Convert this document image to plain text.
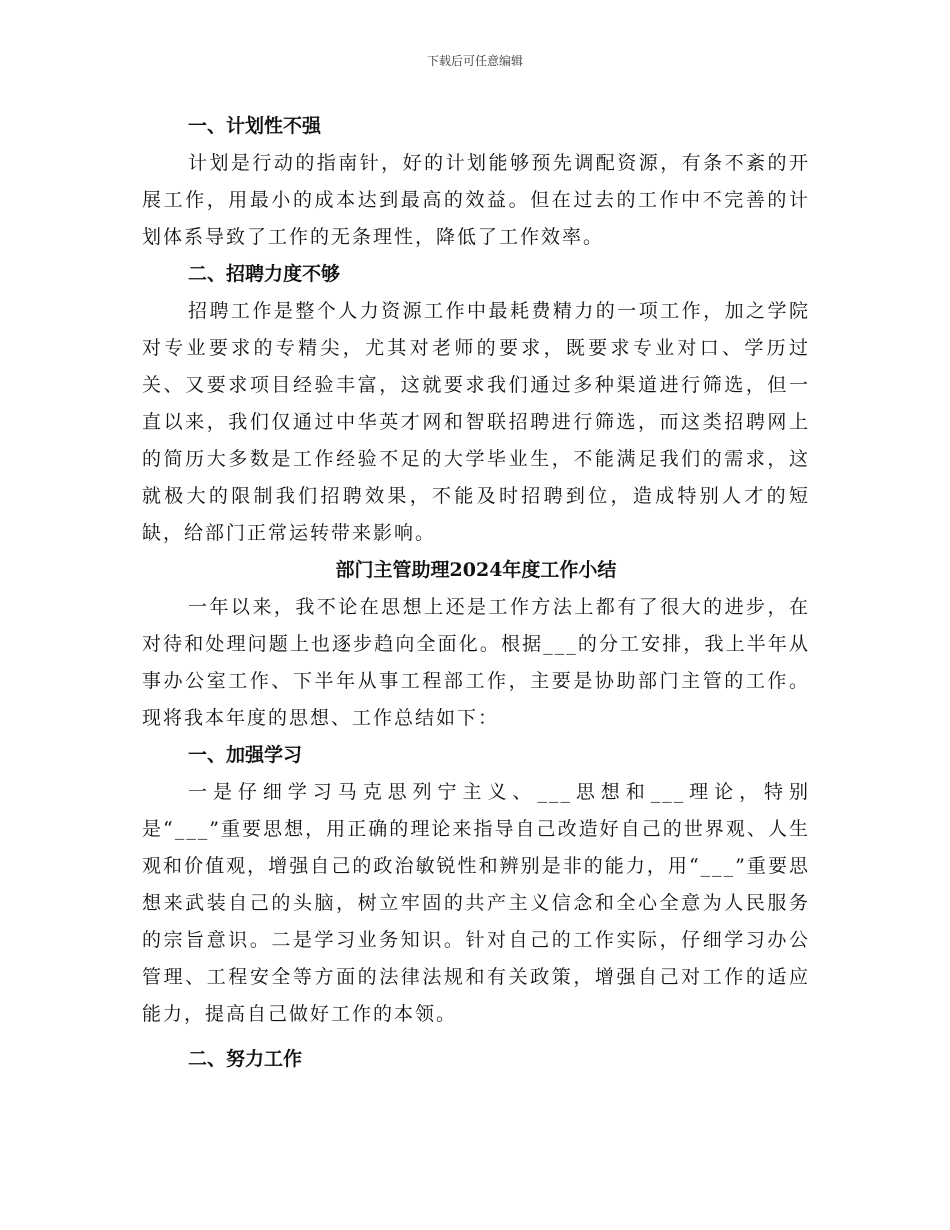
下载后可任意编辑

一、计划性不强

计划是行动的指南针，好的计划能够预先调配资源，有条不紊的开展工作，用最小的成本达到最高的效益。但在过去的工作中不完善的计划体系导致了工作的无条理性，降低了工作效率。

二、招聘力度不够

招聘工作是整个人力资源工作中最耗费精力的一项工作，加之学院对专业要求的专精尖，尤其对老师的要求，既要求专业对口、学历过关、又要求项目经验丰富，这就要求我们通过多种渠道进行筛选，但一直以来，我们仅通过中华英才网和智联招聘进行筛选，而这类招聘网上的简历大多数是工作经验不足的大学毕业生，不能满足我们的需求，这就极大的限制我们招聘效果，不能及时招聘到位，造成特别人才的短缺，给部门正常运转带来影响。

部门主管助理2024年度工作小结

一年以来，我不论在思想上还是工作方法上都有了很大的进步，在对待和处理问题上也逐步趋向全面化。根据___的分工安排，我上半年从事办公室工作、下半年从事工程部工作，主要是协助部门主管的工作。现将我本年度的思想、工作总结如下：

一、加强学习

一是仔细学习马克思列宁主义、___思想和___理论，特别是“___”重要思想，用正确的理论来指导自己改造好自己的世界观、人生观和价值观，增强自己的政治敏锐性和辨别是非的能力，用“___”重要思想来武装自己的头脑，树立牢固的共产主义信念和全心全意为人民服务的宗旨意识。二是学习业务知识。针对自己的工作实际，仔细学习办公管理、工程安全等方面的法律法规和有关政策，增强自己对工作的适应能力，提高自己做好工作的本领。

二、努力工作
